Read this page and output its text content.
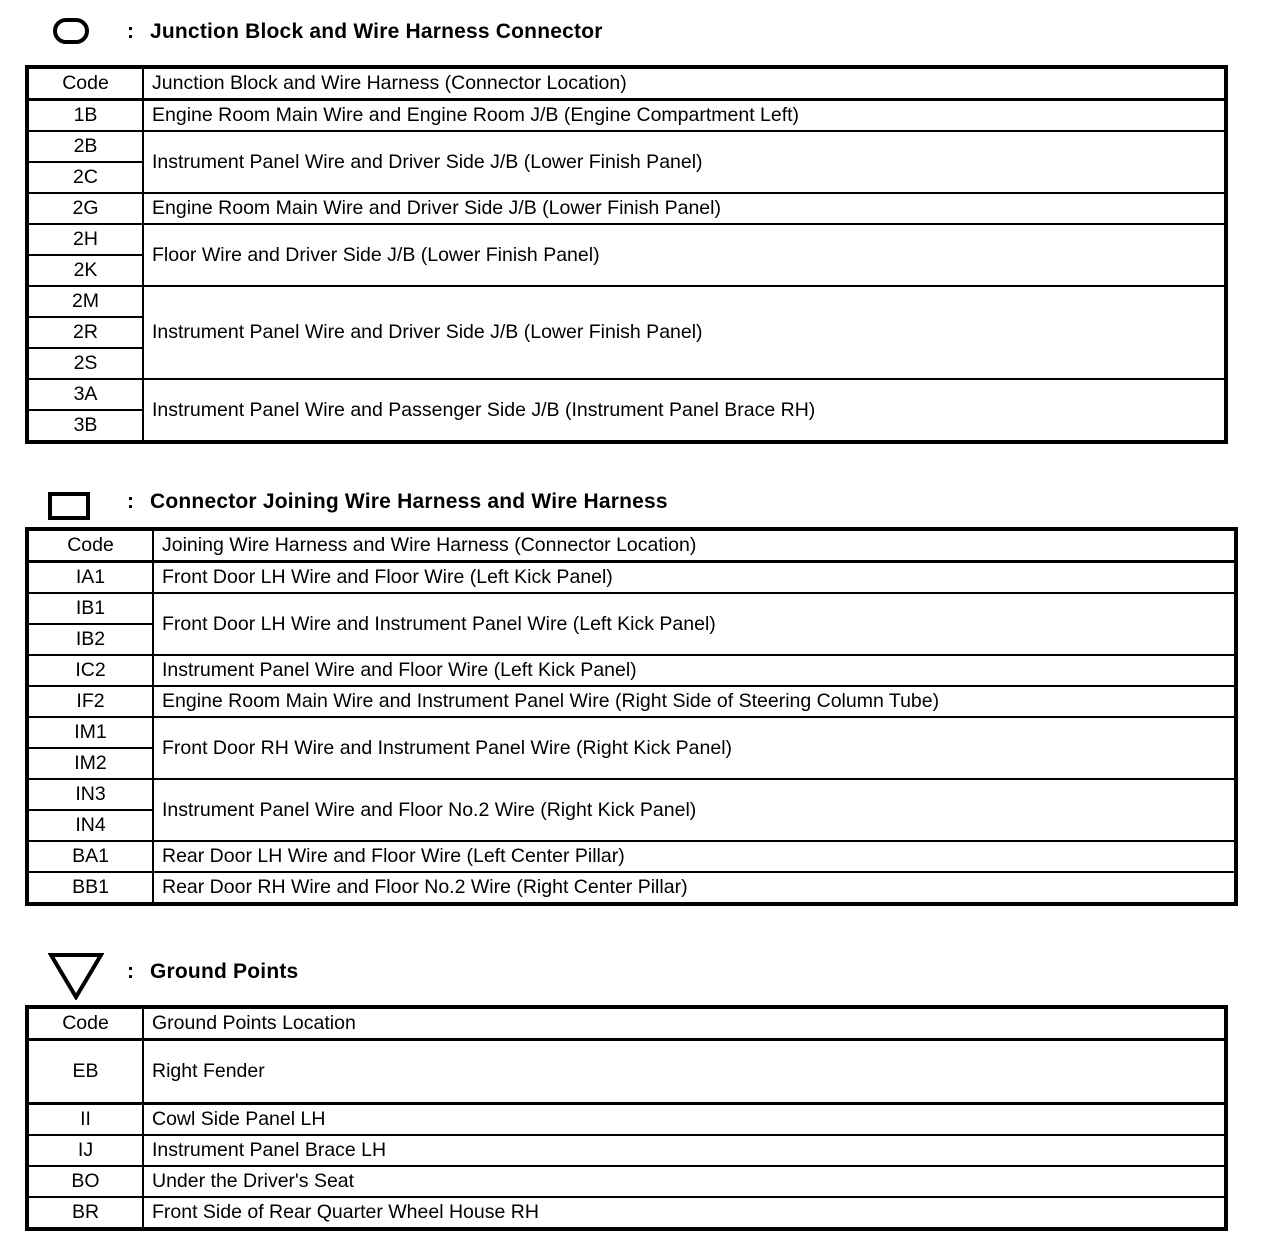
: Junction Block and Wire Harness Connector
Code	Junction Block and Wire Harness (Connector Location)
1B	Engine Room Main Wire and Engine Room J/B (Engine Compartment Left)
2B	Instrument Panel Wire and Driver Side J/B (Lower Finish Panel)
2C	
2G	Engine Room Main Wire and Driver Side J/B (Lower Finish Panel)
2H	Floor Wire and Driver Side J/B (Lower Finish Panel)
2K	
2M	Instrument Panel Wire and Driver Side J/B (Lower Finish Panel)
2R	
2S	
3A	Instrument Panel Wire and Passenger Side J/B (Instrument Panel Brace RH)
3B	
: Connector Joining Wire Harness and Wire Harness
Code	Joining Wire Harness and Wire Harness (Connector Location)
IA1	Front Door LH Wire and Floor Wire (Left Kick Panel)
IB1	Front Door LH Wire and Instrument Panel Wire (Left Kick Panel)
IB2	
IC2	Instrument Panel Wire and Floor Wire (Left Kick Panel)
IF2	Engine Room Main Wire and Instrument Panel Wire (Right Side of Steering Column Tube)
IM1	Front Door RH Wire and Instrument Panel Wire (Right Kick Panel)
IM2	
IN3	Instrument Panel Wire and Floor No.2 Wire (Right Kick Panel)
IN4	
BA1	Rear Door LH Wire and Floor Wire (Left Center Pillar)
BB1	Rear Door RH Wire and Floor No.2 Wire (Right Center Pillar)
: Ground Points
Code	Ground Points Location
EB	Right Fender
II	Cowl Side Panel LH
IJ	Instrument Panel Brace LH
BO	Under the Driver's Seat
BR	Front Side of Rear Quarter Wheel House RH
